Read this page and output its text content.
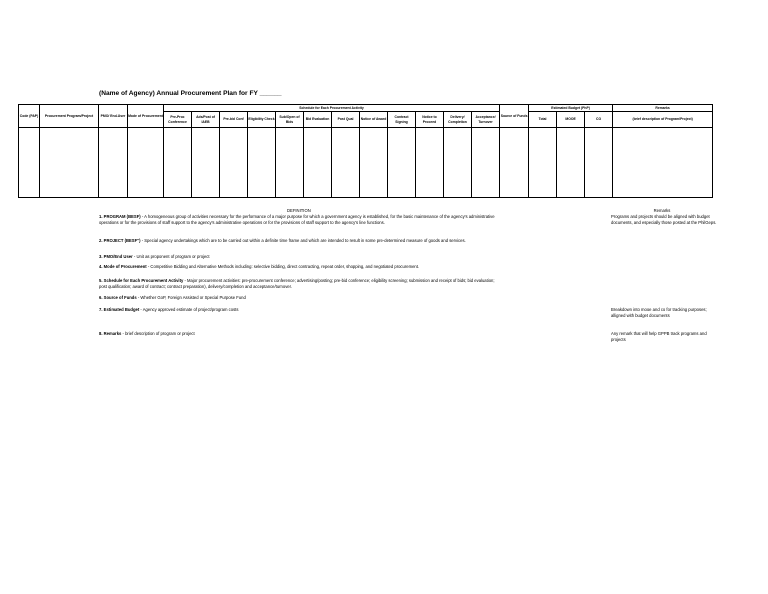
(Name of Agency) Annual Procurement Plan for FY ______
Code (PAP)	Procurement Program/Project	PMO/ End-User	Mode of Procurement	Schedule for Each Procurement Activity												Source of Funds	Estimated Budget (PhP)			Remarks
				Pre-Proc Conference	Ads/Post of IAEB	Pre-bid Conf	Eligibility Check	Sub/Open of Bids	Bid Evaluation	Post Qual	Notice of Award	Contract Signing	Notice to Proceed	Delivery/ Completion	Acceptance/ Turnover		Total	MOOE	CO	(brief description of Program/Project)

DEFINITION
1. PROGRAM (BESF) - A homogeneous group of activities necessary for the performance of a major purpose for which a government agency is established, for the basic maintenance of the agency's administrative operations or for the provisions of staff support to the agency's administrative operations or for the provisions of staff support to the agency's line functions.
2. PROJECT (BESF") - Special agency undertakings which are to be carried out within a definite time frame and which are intended to result in some pre-determined measure of goods and services.
3. PMO/End User - Unit as proponent of program or project
4. Mode of Procurement - Competitive Bidding and Alternative Methods including: selective bidding, direct contracting, repeat order, shopping, and negotiated procurement.
5. Schedule for Each Procurement Activity - Major procurement activities: pre-procurement conference; advertising/posting; pre-bid conference; eligibility screening; submission and receipt of bids; bid evaluation; post qualification; award of contract; contract preparation), delivery/completion and acceptance/turnover.
6. Source of Funds - Whether GoP, Foreign Assisted or Special Purpose Fund
7. Estimated Budget - Agency approved estimate of project/program costs
8. Remarks - brief description of program or project
Remarks
Programs and projects should be aligned with budget documents, and especially those posted at the PhilGeps.
Breakdown into mooe and co for tracking purposes; alligned with budget documents
Any remark that will help GPPB track programs and projects
